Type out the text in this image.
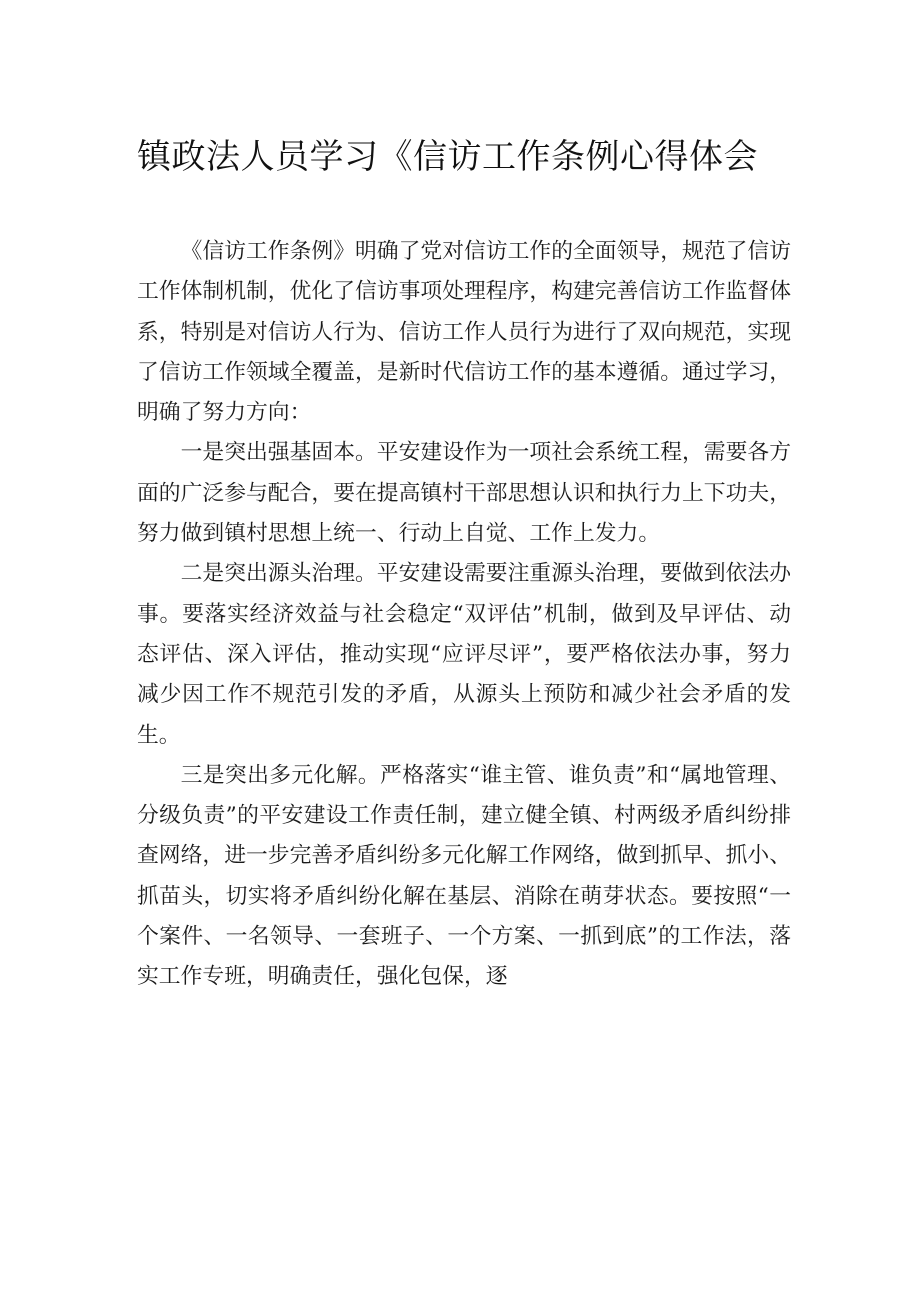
镇政法人员学习《信访工作条例心得体会

《信访工作条例》明确了党对信访工作的全面领导，规范了信访工作体制机制，优化了信访事项处理程序，构建完善信访工作监督体系，特别是对信访人行为、信访工作人员行为进行了双向规范，实现了信访工作领域全覆盖，是新时代信访工作的基本遵循。通过学习，明确了努力方向：

一是突出强基固本。平安建设作为一项社会系统工程，需要各方面的广泛参与配合，要在提高镇村干部思想认识和执行力上下功夫，努力做到镇村思想上统一、行动上自觉、工作上发力。

二是突出源头治理。平安建设需要注重源头治理，要做到依法办事。要落实经济效益与社会稳定“双评估”机制，做到及早评估、动态评估、深入评估，推动实现“应评尽评”，要严格依法办事，努力减少因工作不规范引发的矛盾，从源头上预防和减少社会矛盾的发生。

三是突出多元化解。严格落实“谁主管、谁负责”和“属地管理、分级负责”的平安建设工作责任制，建立健全镇、村两级矛盾纠纷排查网络，进一步完善矛盾纠纷多元化解工作网络，做到抓早、抓小、抓苗头，切实将矛盾纠纷化解在基层、消除在萌芽状态。要按照“一个案件、一名领导、一套班子、一个方案、一抓到底”的工作法，落实工作专班，明确责任，强化包保，逐
